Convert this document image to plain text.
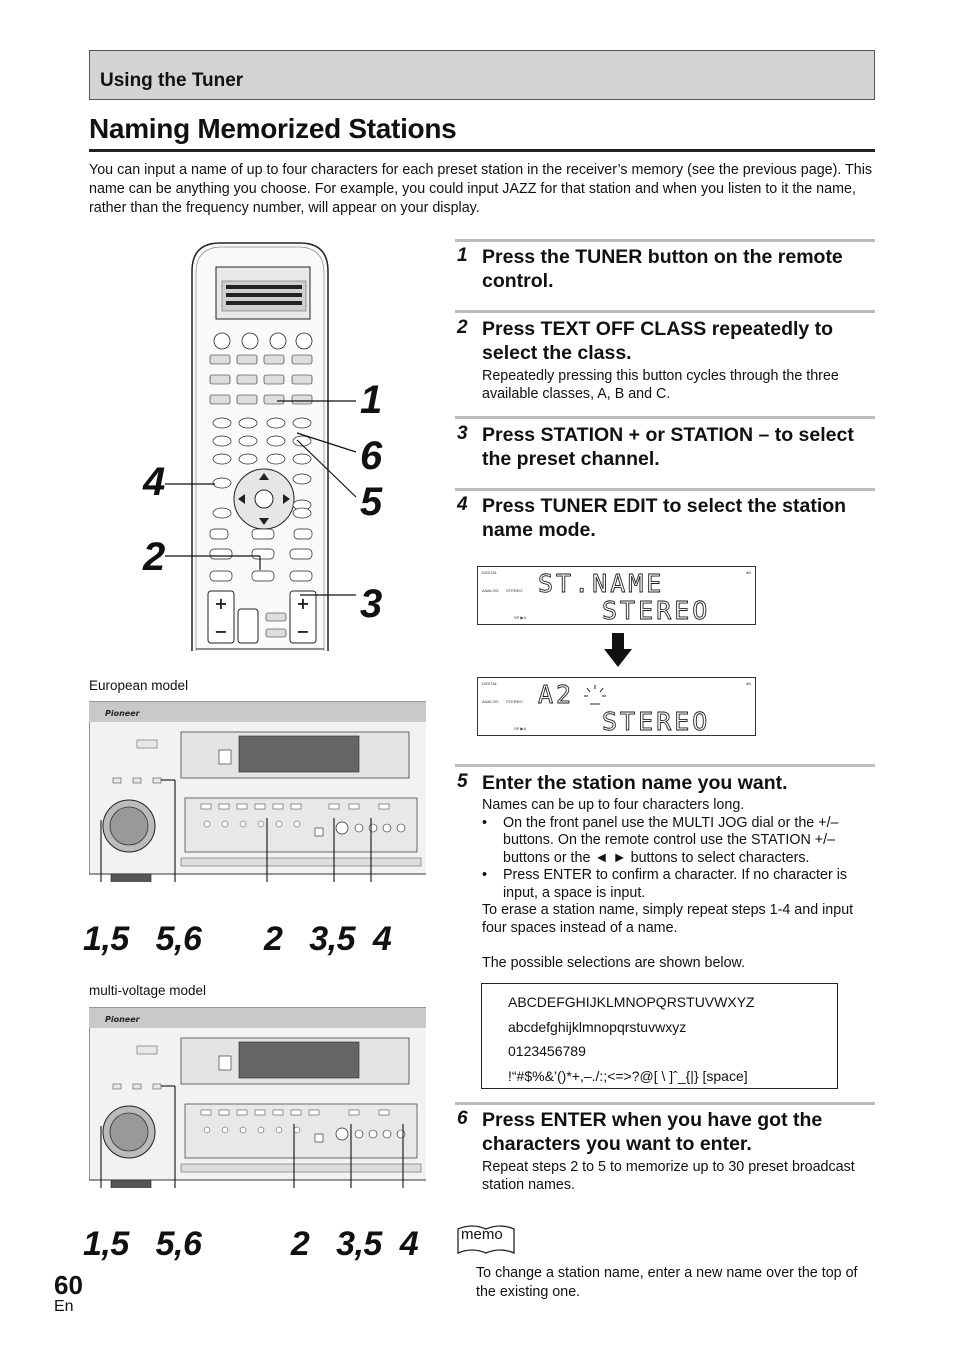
Using the Tuner
Naming Memorized Stations

You can input a name of up to four characters for each preset station in the receiver’s memory (see the previous page). This name can be anything you choose. For example, you could input JAZZ for that station and when you listen to it the name, rather than the frequency number, will appear on your display.

+
−
+
−
1
6
5
4
2
3
1 Press the TUNER button on the remote control.
2 Press TEXT OFF CLASS repeatedly to select the class.

Repeatedly pressing this button cycles through the three available classes, A, B and C.

3 Press STATION + or STATION – to select the preset channel.
4 Press TUNER EDIT to select the station name mode.
DIGITAL
ANALOG STEREO
SP ▶A
dB
ST.NAME
STEREO
DIGITAL
ANALOG STEREO
SP ▶A
dB
A2
STEREO
5 Enter the station name you want.

Names can be up to four characters long.

• On the front panel use the MULTI JOG dial or the +/– buttons. On the remote control use the STATION +/– buttons or the ◄ ► buttons to select characters.
• Press ENTER to confirm a character. If no character is input, a space is input.

To erase a station name, simply repeat steps 1-4 and input four spaces instead of a name.

The possible selections are shown below.

ABCDEFGHIJKLMNOPQRSTUVWXYZ
abcdefghijklmnopqrstuvwxyz
0123456789
!“#$%&’()*+,–./:;<=>?@[ \ ]ˆ_{|} [space]
6 Press ENTER when you have got the characters you want to enter.

Repeat steps 2 to 5 to memorize up to 30 preset broadcast station names.

memo

To change a station name, enter a new name over the top of the existing one.

European model
Pioneer
1,5   5,6       2   3,5  4
multi-voltage model
Pioneer
1,5   5,6          2   3,5  4
60
En
